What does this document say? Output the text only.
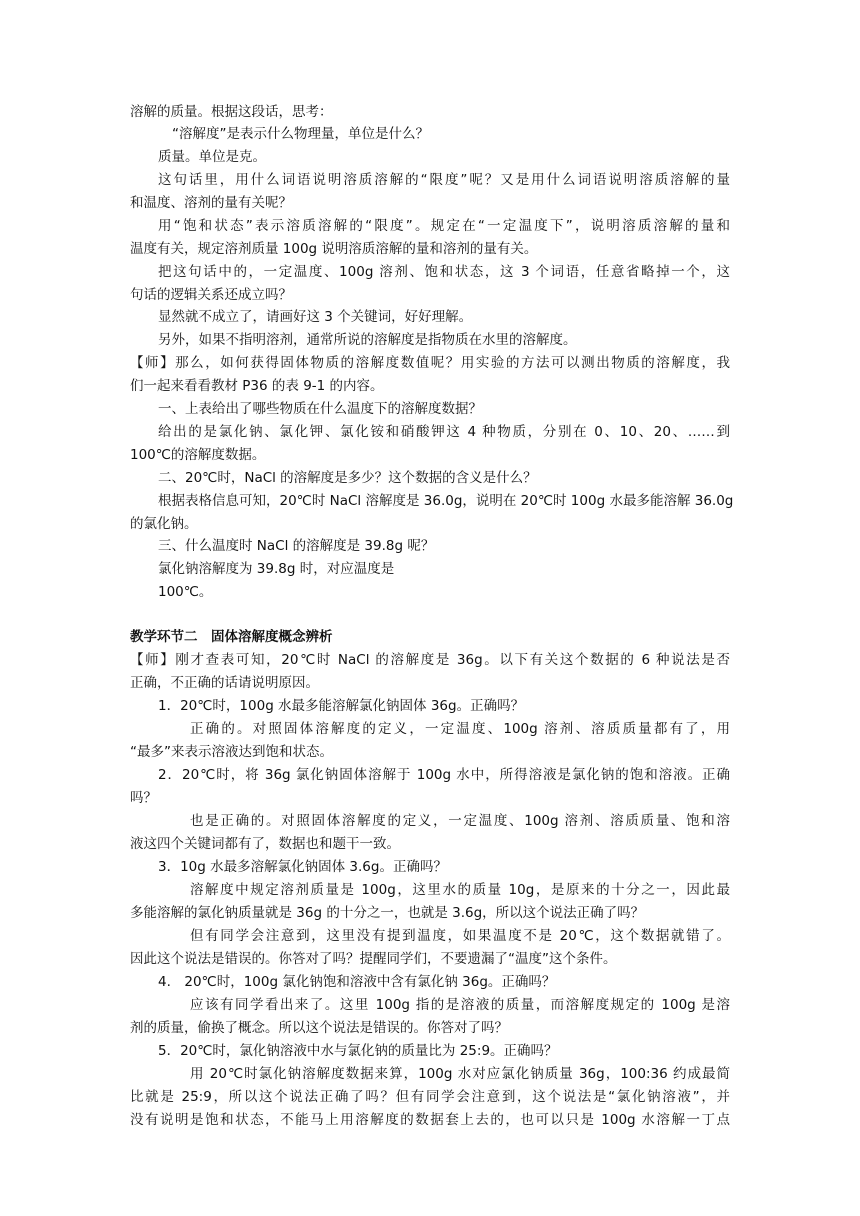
溶解的质量。根据这段话，思考：
“溶解度”是表示什么物理量，单位是什么？
质量。单位是克。
这句话里，用什么词语说明溶质溶解的“限度”呢？又是用什么词语说明溶质溶解的量
和温度、溶剂的量有关呢？
用“饱和状态”表示溶质溶解的“限度”。规定在“一定温度下”，说明溶质溶解的量和
温度有关，规定溶剂质量 100g 说明溶质溶解的量和溶剂的量有关。
把这句话中的，一定温度、100g 溶剂、饱和状态，这 3 个词语，任意省略掉一个，这
句话的逻辑关系还成立吗？
显然就不成立了，请画好这 3 个关键词，好好理解。
另外，如果不指明溶剂，通常所说的溶解度是指物质在水里的溶解度。
【师】那么，如何获得固体物质的溶解度数值呢？用实验的方法可以测出物质的溶解度，我
们一起来看看教材 P36 的表 9-1 的内容。
一、上表给出了哪些物质在什么温度下的溶解度数据？
给出的是氯化钠、氯化钾、氯化铵和硝酸钾这 4 种物质，分别在 0、10、20、……到
100℃的溶解度数据。
二、20℃时，NaCl 的溶解度是多少？这个数据的含义是什么？
根据表格信息可知，20℃时 NaCl 溶解度是 36.0g，说明在 20℃时 100g 水最多能溶解 36.0g
的氯化钠。
三、什么温度时 NaCl 的溶解度是 39.8g 呢？
氯化钠溶解度为 39.8g 时，对应温度是
100℃。
教学环节二　固体溶解度概念辨析
【师】刚才查表可知，20℃时 NaCl 的溶解度是 36g。以下有关这个数据的 6 种说法是否
正确，不正确的话请说明原因。
1．20℃时，100g 水最多能溶解氯化钠固体 36g。正确吗？
正确的。对照固体溶解度的定义，一定温度、100g 溶剂、溶质质量都有了，用
“最多”来表示溶液达到饱和状态。
2．20℃时，将 36g 氯化钠固体溶解于 100g 水中，所得溶液是氯化钠的饱和溶液。正确
吗？
也是正确的。对照固体溶解度的定义，一定温度、100g 溶剂、溶质质量、饱和溶
液这四个关键词都有了，数据也和题干一致。
3．10g 水最多溶解氯化钠固体 3.6g。正确吗？
溶解度中规定溶剂质量是 100g，这里水的质量 10g，是原来的十分之一，因此最
多能溶解的氯化钠质量就是 36g 的十分之一，也就是 3.6g，所以这个说法正确了吗？
但有同学会注意到，这里没有提到温度，如果温度不是 20℃，这个数据就错了。
因此这个说法是错误的。你答对了吗？提醒同学们，不要遗漏了“温度”这个条件。
4.　20℃时，100g 氯化钠饱和溶液中含有氯化钠 36g。正确吗？
应该有同学看出来了。这里 100g 指的是溶液的质量，而溶解度规定的 100g 是溶
剂的质量，偷换了概念。所以这个说法是错误的。你答对了吗？
5．20℃时，氯化钠溶液中水与氯化钠的质量比为 25:9。正确吗？
用 20℃时氯化钠溶解度数据来算，100g 水对应氯化钠质量 36g，100:36 约成最简
比就是 25:9，所以这个说法正确了吗？但有同学会注意到，这个说法是“氯化钠溶液”，并
没有说明是饱和状态，不能马上用溶解度的数据套上去的，也可以只是 100g 水溶解一丁点
